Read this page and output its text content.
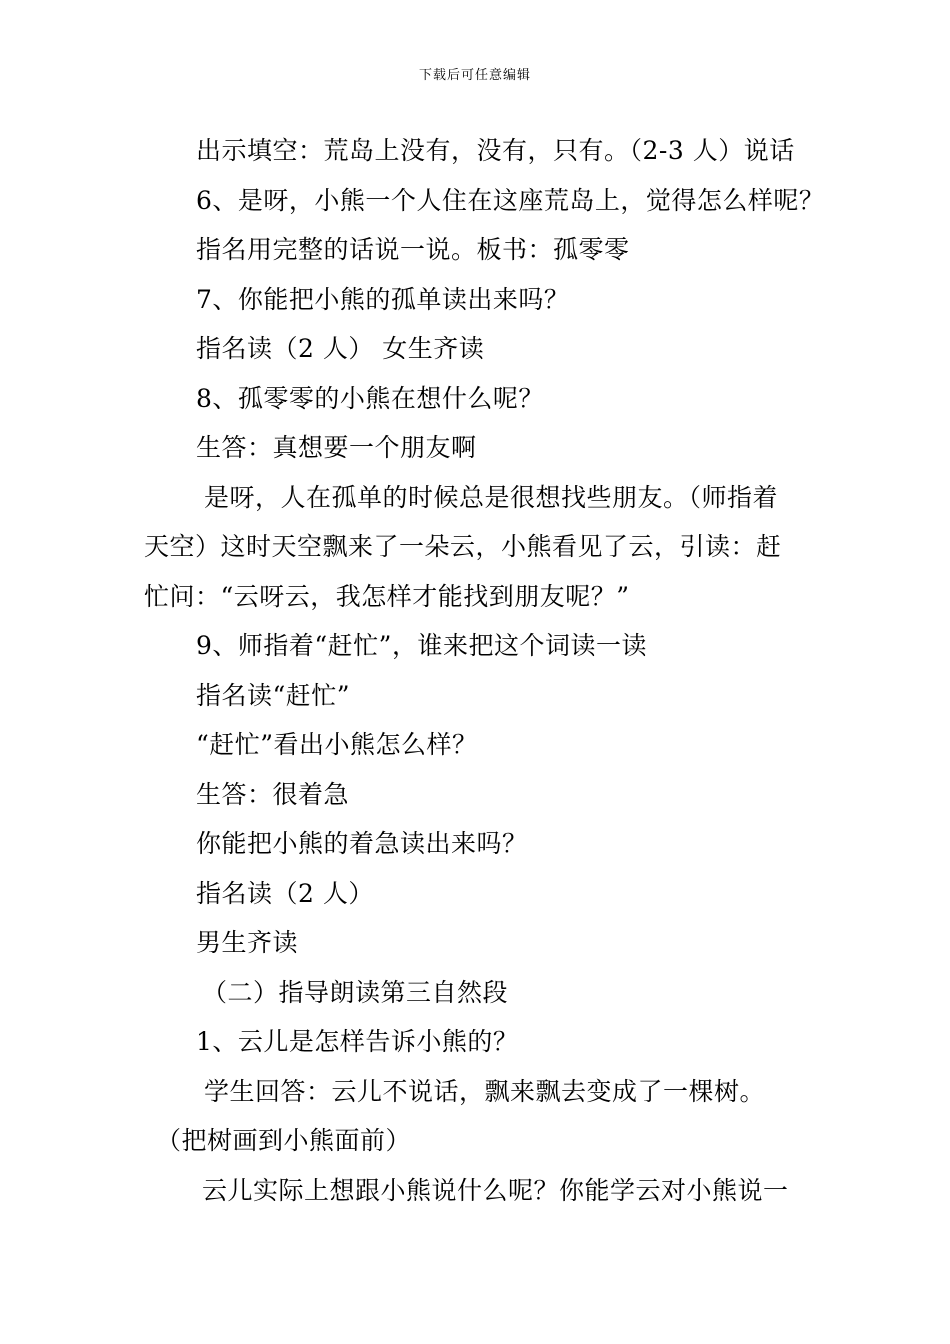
下载后可任意编辑
出示填空：荒岛上没有，没有，只有。（2-3 人）说话
6、是呀，小熊一个人住在这座荒岛上，觉得怎么样呢？
指名用完整的话说一说。板书：孤零零
7、你能把小熊的孤单读出来吗？
指名读（2 人） 女生齐读
8、孤零零的小熊在想什么呢？
生答：真想要一个朋友啊
是呀，人在孤单的时候总是很想找些朋友。（师指着
天空）这时天空飘来了一朵云，小熊看见了云，引读：赶
忙问：“云呀云，我怎样才能找到朋友呢？”
9、师指着“赶忙”，谁来把这个词读一读
指名读“赶忙”
“赶忙”看出小熊怎么样？
生答：很着急
你能把小熊的着急读出来吗？
指名读（2 人）
男生齐读
（二）指导朗读第三自然段
1、云儿是怎样告诉小熊的？
学生回答：云儿不说话，飘来飘去变成了一棵树。
（把树画到小熊面前）
云儿实际上想跟小熊说什么呢？你能学云对小熊说一
